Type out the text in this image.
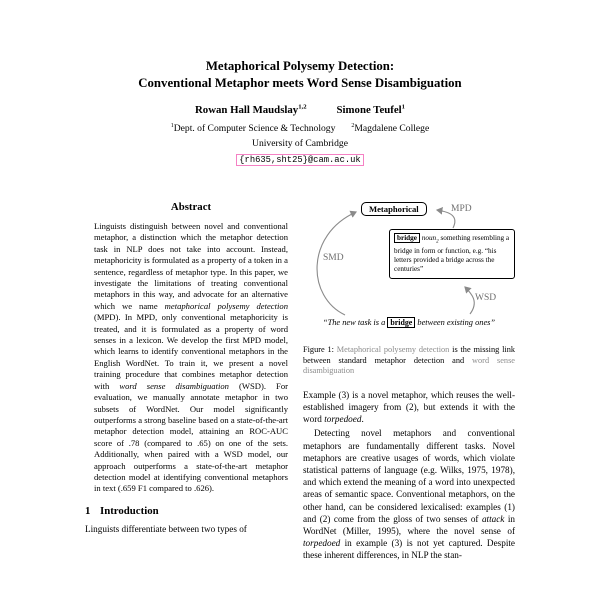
Metaphorical Polysemy Detection:
Conventional Metaphor meets Word Sense Disambiguation
Rowan Hall Maudslay$^{1,2}$	Simone Teufel$^1$
$^1$Dept. of Computer Science & Technology	$^2$Magdalene College
University of Cambridge
{rh635,sht25}@cam.ac.uk
Abstract

Linguists distinguish between novel and conventional metaphor, a distinction which the metaphor detection task in NLP does not take into account. Instead, metaphoricity is formulated as a property of a token in a sentence, regardless of metaphor type. In this paper, we investigate the limitations of treating conventional metaphors in this way, and advocate for an alternative which we name metaphorical polysemy detection (MPD). In MPD, only conventional metaphoricity is treated, and it is formulated as a property of word senses in a lexicon. We develop the first MPD model, which learns to identify conventional metaphors in the English WordNet. To train it, we present a novel training procedure that combines metaphor detection with word sense disambiguation (WSD). For evaluation, we manually annotate metaphor in two subsets of WordNet. Our model significantly outperforms a strong baseline based on a state-of-the-art metaphor detection model, attaining an ROC-AUC score of .78 (compared to .65) on one of the sets. Additionally, when paired with a WSD model, our approach outperforms a state-of-the-art metaphor detection model at identifying conventional metaphors in text (.659 F1 compared to .626).

1 Introduction

Linguists differentiate between two types of

Metaphorical	MPD
SMD
WSD
bridge noun$_2$ something resembling a bridge in form or function, e.g. “his letters provided a bridge across the centuries”
“The new task is a bridge between existing ones”
Figure 1: Metaphorical polysemy detection is the missing link between standard metaphor detection and word sense disambiguation

Example (3) is a novel metaphor, which reuses the well-established imagery from (2), but extends it with the word torpedoed.

Detecting novel metaphors and conventional metaphors are fundamentally different tasks. Novel metaphors are creative usages of words, which violate statistical patterns of language (e.g. Wilks, 1975, 1978), and which extend the meaning of a word into unexpected areas of semantic space. Conventional metaphors, on the other hand, can be considered lexicalised: examples (1) and (2) come from the gloss of two senses of attack in WordNet (Miller, 1995), where the novel sense of torpedoed in example (3) is not yet captured. Despite these inherent differences, in NLP the stan-
